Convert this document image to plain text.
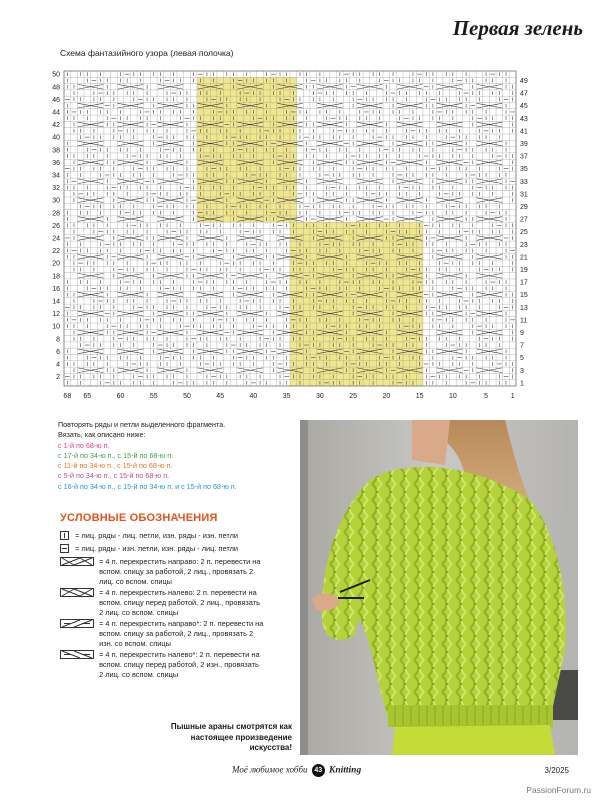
Первая зелень
Схема фантазийного узора (левая полочка)
50
48
46
44
42
40
38
36
34
32
30
28
26
24
22
20
18
16
14
12
10
8
6
4
2
49
47
45
43
41
39
37
35
33
31
29
27
25
23
21
19
17
15
13
11
9
7
5
3
1
68 65	60	55	50	45	40	35	30	25	20	15	10	5	1
Повторять ряды и петли выделенного фрагмента.
Вязать, как описано ниже:
с 1-й по 68-ю п.
с 17-й по 34-ю п., с 15-й по 68-ю п.
с 11-й по 34-ю п., с 15-й по 68-ю п.
с 5-й по 34-ю п., с 15-й по 68-ю п.
с 16-й по 34-ю п., с 15-й по 34-ю п. и с 15-й по 68-ю п.
УСЛОВНЫЕ ОБОЗНАЧЕНИЯ
= лиц. ряды - лиц. петли, изн. ряды - изн. петли
= лиц. ряды - изн. петли, изн. ряды - лиц. петли
= 4 п. перекрестить направо: 2 п. перевести на вспом. спицу за работой, 2 лиц., провязать 2 лиц. со вспом. спицы
= 4 п. перекрестить налево: 2 п. перевести на вспом. спицу перед работой, 2 лиц., провязать 2 лиц. со вспом. спицы
= 4 п. перекрестить направо*: 2 п. перевести на вспом. спицу за работой, 2 лиц., провязать 2 изн. со вспом. спицы
= 4 п. перекрестить налево*: 2 п. перевести на вспом. спицу перед работой, 2 изн., провязать 2 лиц. со вспом. спицы
Пышные араны смотрятся как настоящее произведение искусства!
Моё любимое хобби 43 Knitting	3/2025
PassionForum.ru
